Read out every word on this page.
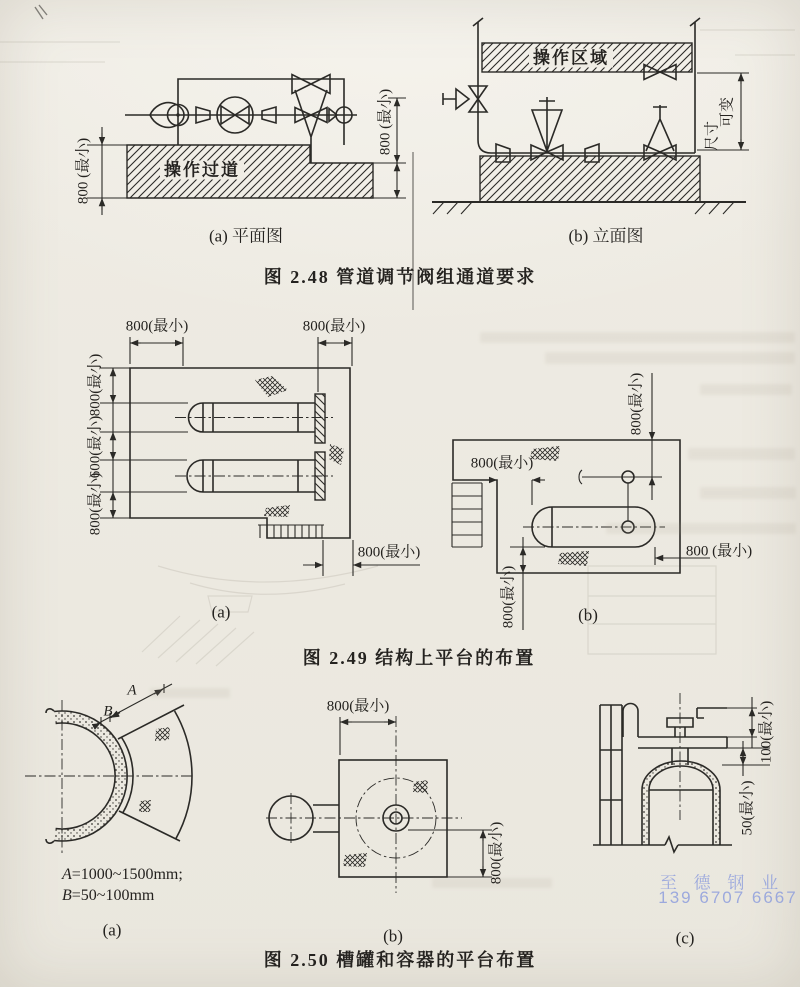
800 (最小)	操作过道
800 (最小)
(a) 平面图
操作区域
可变
尺寸
(b) 立面图
图 2.48 管道调节阀组通道要求
800(最小)	800(最小)
800(最小)
600(最小)
800(最小)
800(最小)
(a)
800(最小)
800(最小)
800 (最小)
800(最小)	(b)
图 2.49 结构上平台的布置
A
B
A=1000~1500mm;
B=50~100mm
(a)
800(最小)
800(最小)
(b)
100(最小)
50(最小)
至 德 钢 业
139 6707 6667
(c)
图 2.50 槽罐和容器的平台布置
